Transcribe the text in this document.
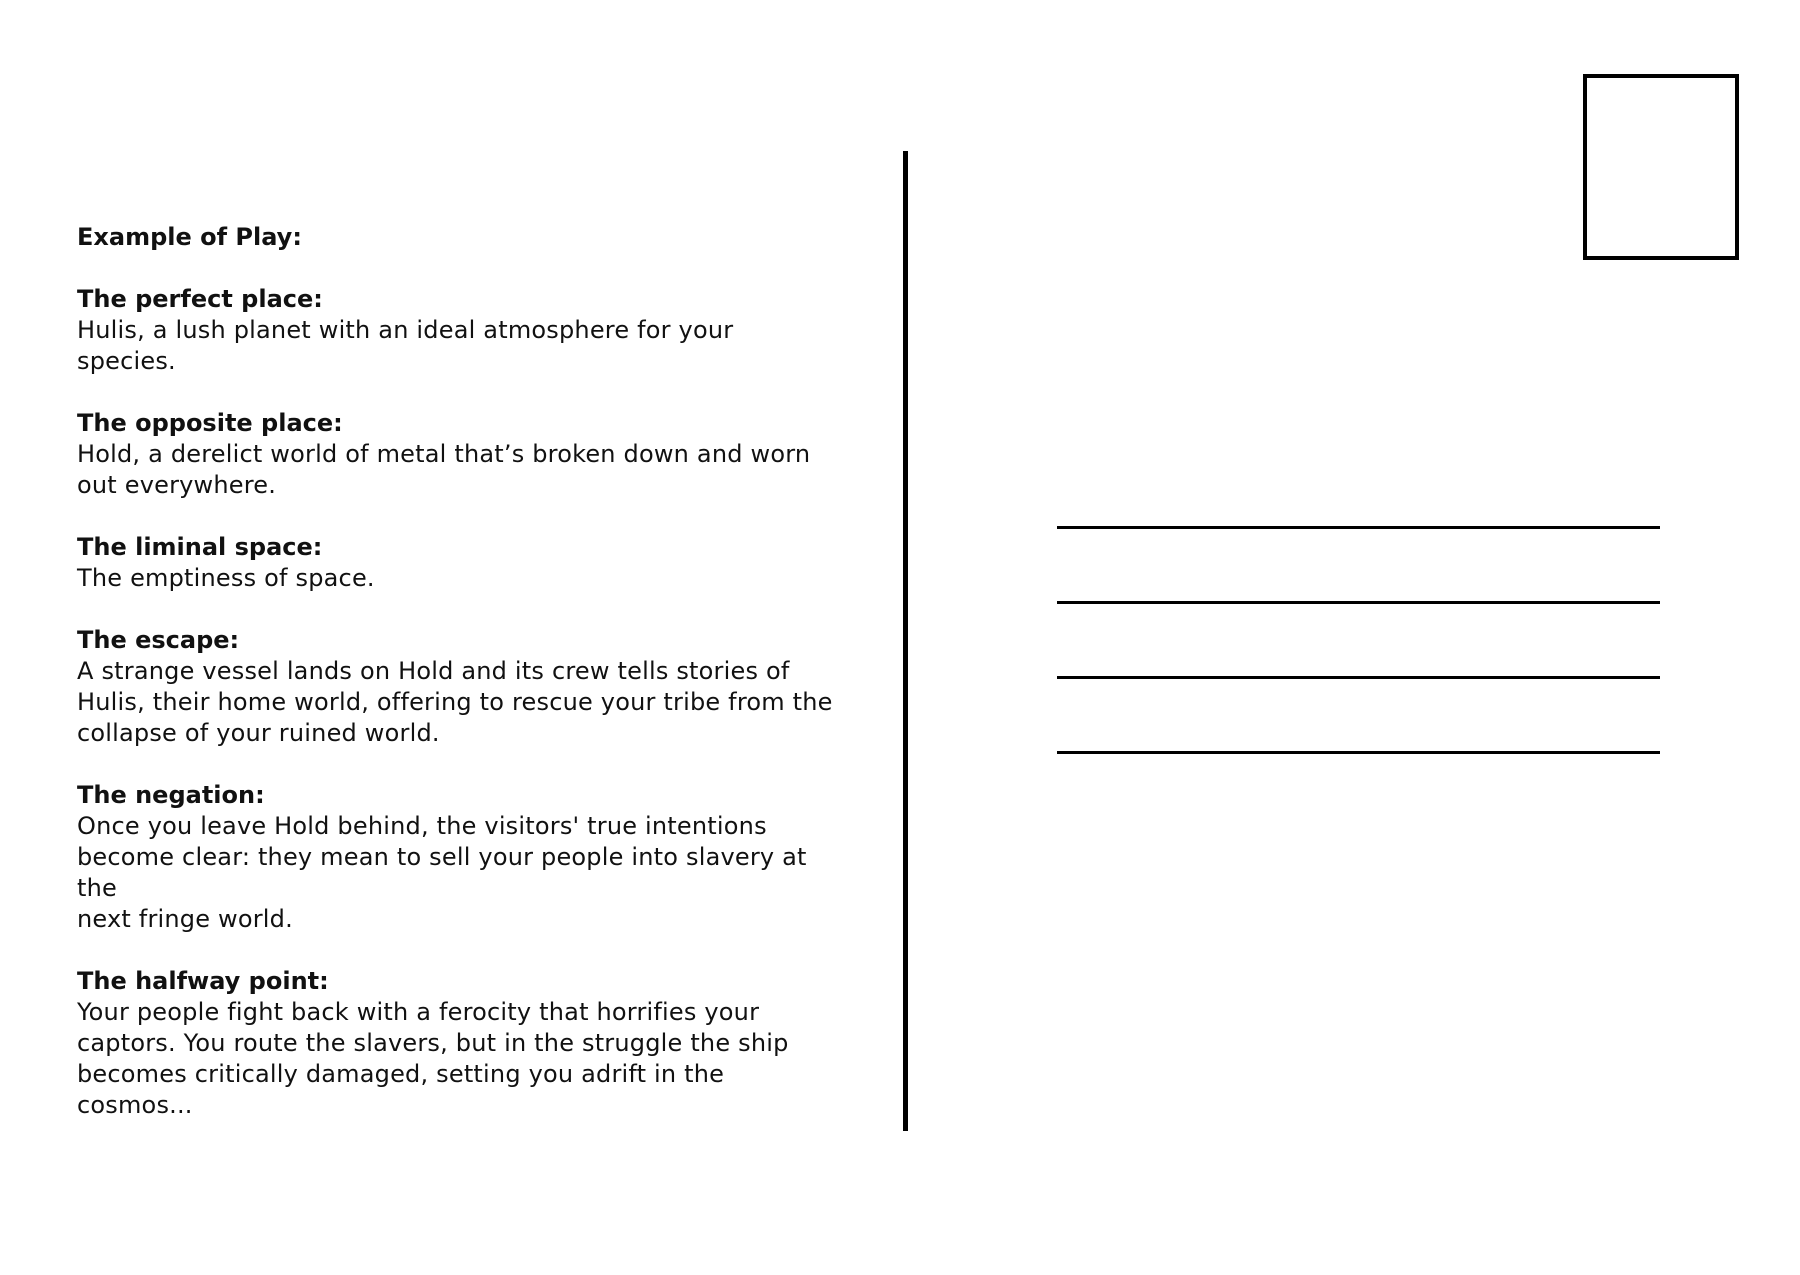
Example of Play:

The perfect place:

Hulis, a lush planet with an ideal atmosphere for your species.

The opposite place:

Hold, a derelict world of metal that’s broken down and worn

out everywhere.

The liminal space:

The emptiness of space.

The escape:

A strange vessel lands on Hold and its crew tells stories of

Hulis, their home world, offering to rescue your tribe from the

collapse of your ruined world.

The negation:

Once you leave Hold behind, the visitors' true intentions

become clear: they mean to sell your people into slavery at the

next fringe world.

The halfway point:

Your people fight back with a ferocity that horrifies your

captors. You route the slavers, but in the struggle the ship

becomes critically damaged, setting you adrift in the cosmos...
